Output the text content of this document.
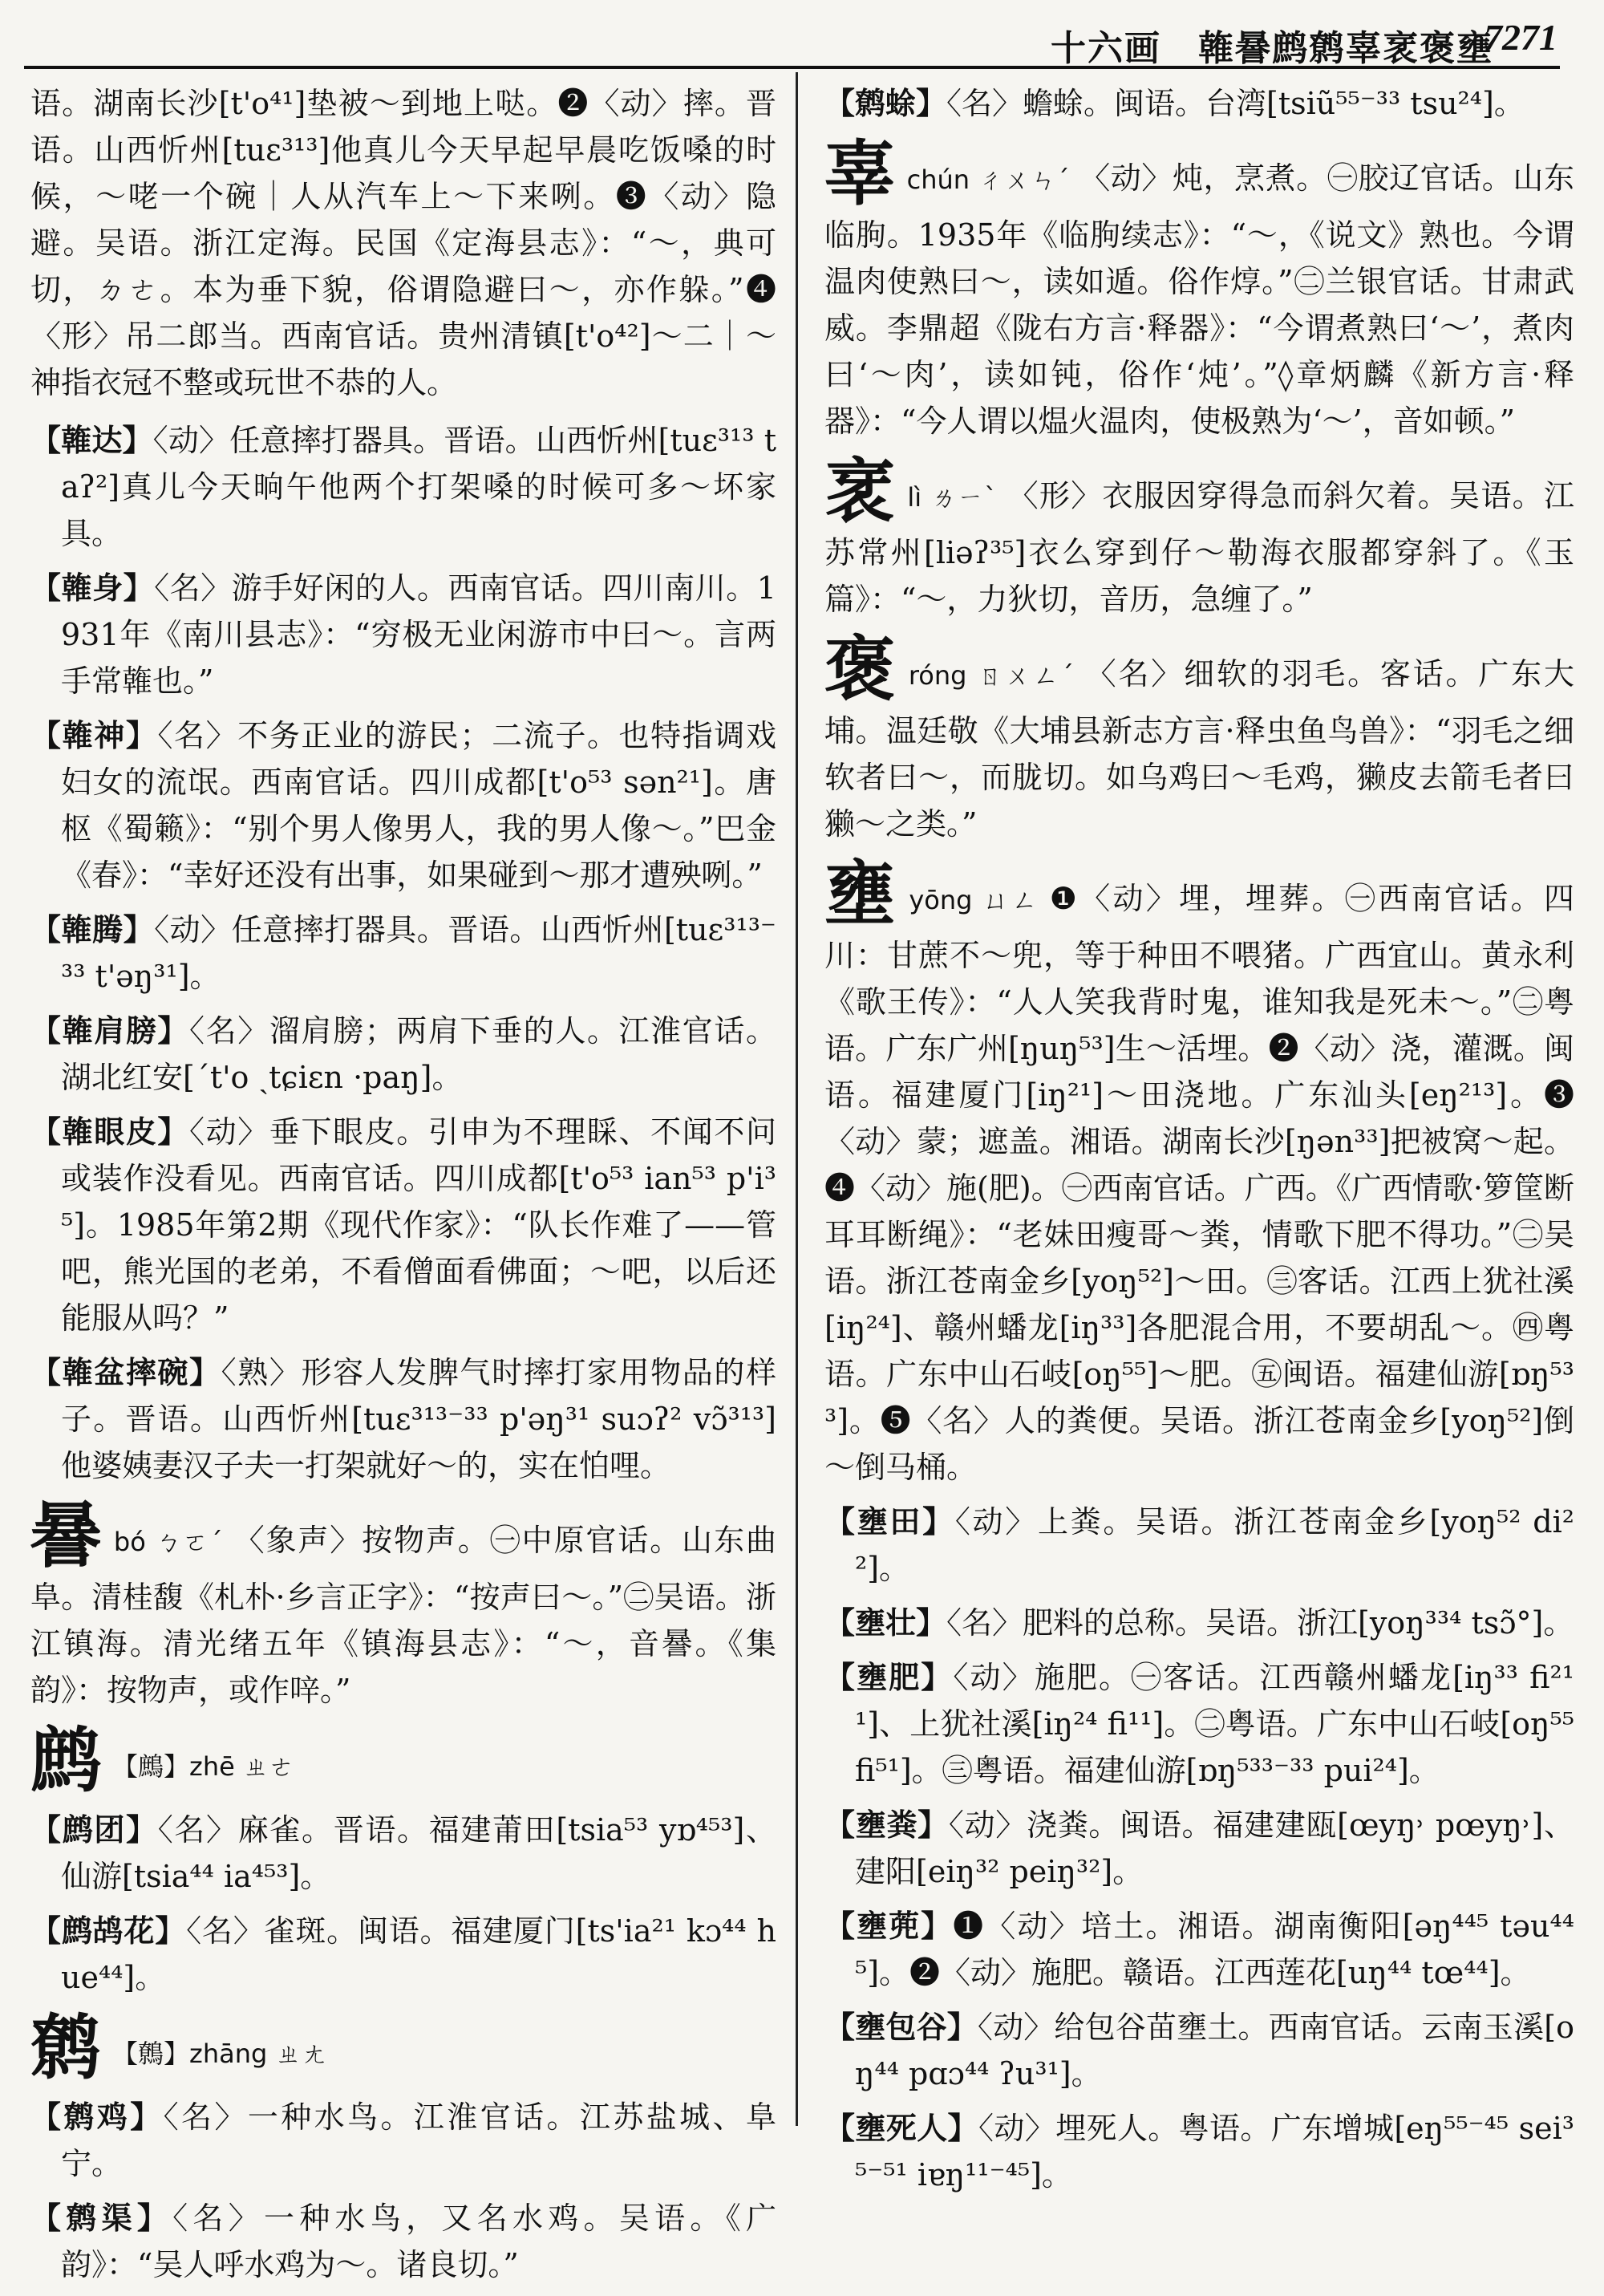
十六画　雗謈鹧鹩辜衺褒壅
7271

语。湖南长沙[t'o⁴¹]垫被～到地上哒。❷〈动〉摔。晋语。山西忻州[tuɛ³¹³]他真儿今天早起早晨吃饭嗓的时候，～咾一个碗｜人从汽车上～下来咧。❸〈动〉隐避。吴语。浙江定海。民国《定海县志》：“～，典可切，ㄉㄜ。本为垂下貌，俗谓隐避曰～，亦作躲。”❹〈形〉吊二郎当。西南官话。贵州清镇[t'o⁴²]～二｜～神指衣冠不整或玩世不恭的人。

【雗达】〈动〉任意摔打器具。晋语。山西忻州[tuɛ³¹³ taʔ²]真儿今天晌午他两个打架嗓的时候可多～坏家具。

【雗身】〈名〉游手好闲的人。西南官话。四川南川。1931年《南川县志》：“穷极无业闲游市中曰～。言两手常雗也。”

【雗神】〈名〉不务正业的游民；二流子。也特指调戏妇女的流氓。西南官话。四川成都[t'o⁵³ sən²¹]。唐枢《蜀籁》：“别个男人像男人，我的男人像～。”巴金《春》：“幸好还没有出事，如果碰到～那才遭殃咧。”

【雗腾】〈动〉任意摔打器具。晋语。山西忻州[tuɛ³¹³⁻³³ t'əŋ³¹]。

【雗肩膀】〈名〉溜肩膀；两肩下垂的人。江淮官话。湖北红安[ˊt'o ˏtɕiɛn ·paŋ]。

【雗眼皮】〈动〉垂下眼皮。引申为不理睬、不闻不问或装作没看见。西南官话。四川成都[t'o⁵³ ian⁵³ p'i³⁵]。1985年第2期《现代作家》：“队长作难了——管吧，熊光国的老弟，不看僧面看佛面；～吧，以后还能服从吗？”

【雗盆摔碗】〈熟〉形容人发脾气时摔打家用物品的样子。晋语。山西忻州[tuɛ³¹³⁻³³ p'əŋ³¹ suɔʔ² vɔ̃³¹³]他婆姨妻汉子夫一打架就好～的，实在怕哩。

謈bó ㄅㄛˊ 〈象声〉按物声。㊀中原官话。山东曲阜。清桂馥《札朴·乡言正字》：“按声曰～。”㊁吴语。浙江镇海。清光绪五年《镇海县志》：“～，音謈。《集韵》：按物声，或作㖕。”

鹧 【鷓】zhē ㄓㄜ

【鹧团】〈名〉麻雀。晋语。福建莆田[tsia⁵³ yɒ⁴⁵³]、仙游[tsia⁴⁴ ia⁴⁵³]。

【鹧鸪花】〈名〉雀斑。闽语。福建厦门[ts'ia²¹ kɔ⁴⁴ hue⁴⁴]。

鹩 【鷯】zhāng ㄓㄤ

【鹩鸡】〈名〉一种水鸟。江淮官话。江苏盐城、阜宁。

【鹩渠】〈名〉一种水鸟，又名水鸡。吴语。《广韵》：“吴人呼水鸡为～。诸良切。”

【鹩蜍】〈名〉蟾蜍。闽语。台湾[tsiũ⁵⁵⁻³³ tsu²⁴]。

辜chún ㄔㄨㄣˊ 〈动〉炖，烹煮。㊀胶辽官话。山东临朐。1935年《临朐续志》：“～，《说文》熟也。今谓温肉使熟曰～，读如遁。俗作焞。”㊁兰银官话。甘肃武威。李鼎超《陇右方言·释器》：“今谓煮熟曰‘～’，煮肉曰‘～肉’，读如钝，俗作‘炖’。”◊章炳麟《新方言·释器》：“今人谓以煴火温肉，使极熟为‘～’，音如顿。”

衺lì ㄌㄧˋ 〈形〉衣服因穿得急而斜欠着。吴语。江苏常州[liəʔ³⁵]衣么穿到仔～勒海衣服都穿斜了。《玉篇》：“～，力狄切，音历，急缠了。”

褒róng ㄖㄨㄥˊ 〈名〉细软的羽毛。客话。广东大埔。温廷敬《大埔县新志方言·释虫鱼鸟兽》：“羽毛之细软者曰～，而胧切。如乌鸡曰～毛鸡，獭皮去箭毛者曰獭～之类。”

壅yōng ㄩㄥ ❶〈动〉埋，埋葬。㊀西南官话。四川：甘蔗不～兜，等于种田不喂猪。广西宜山。黄永利《歌王传》：“人人笑我背时鬼，谁知我是死未～。”㊁粤语。广东广州[ŋuŋ⁵³]生～活埋。❷〈动〉浇，灌溉。闽语。福建厦门[iŋ²¹]～田浇地。广东汕头[eŋ²¹³]。❸〈动〉蒙；遮盖。湘语。湖南长沙[ŋən³³]把被窝～起。❹〈动〉施(肥)。㊀西南官话。广西。《广西情歌·箩筐断耳耳断绳》：“老妹田瘦哥～粪，情歌下肥不得功。”㊁吴语。浙江苍南金乡[yoŋ⁵²]～田。㊂客话。江西上犹社溪[iŋ²⁴]、赣州蟠龙[iŋ³³]各肥混合用，不要胡乱～。㊃粤语。广东中山石岐[oŋ⁵⁵]～肥。㊄闽语。福建仙游[ɒŋ⁵³³]。❺〈名〉人的粪便。吴语。浙江苍南金乡[yoŋ⁵²]倒～倒马桶。

【壅田】〈动〉上粪。吴语。浙江苍南金乡[yoŋ⁵² di²²]。

【壅壮】〈名〉肥料的总称。吴语。浙江[yoŋ³³⁴ tsɔ̃°]。

【壅肥】〈动〉施肥。㊀客话。江西赣州蟠龙[iŋ³³ fi²¹¹]、上犹社溪[iŋ²⁴ fi¹¹]。㊁粤语。广东中山石岐[oŋ⁵⁵ fi⁵¹]。㊂粤语。福建仙游[ɒŋ⁵³³⁻³³ pui²⁴]。

【壅粪】〈动〉浇粪。闽语。福建建瓯[œyŋ˒ pœyŋ˒]、建阳[eiŋ³² peiŋ³²]。

【壅蔸】❶〈动〉培土。湘语。湖南衡阳[əŋ⁴⁴⁵ təu⁴⁴⁵]。❷〈动〉施肥。赣语。江西莲花[uŋ⁴⁴ tœ⁴⁴]。

【壅包谷】〈动〉给包谷苗壅土。西南官话。云南玉溪[oŋ⁴⁴ pɑɔ⁴⁴ ʔu³¹]。

【壅死人】〈动〉埋死人。粤语。广东增城[eŋ⁵⁵⁻⁴⁵ sei³⁵⁻⁵¹ iɐŋ¹¹⁻⁴⁵]。
